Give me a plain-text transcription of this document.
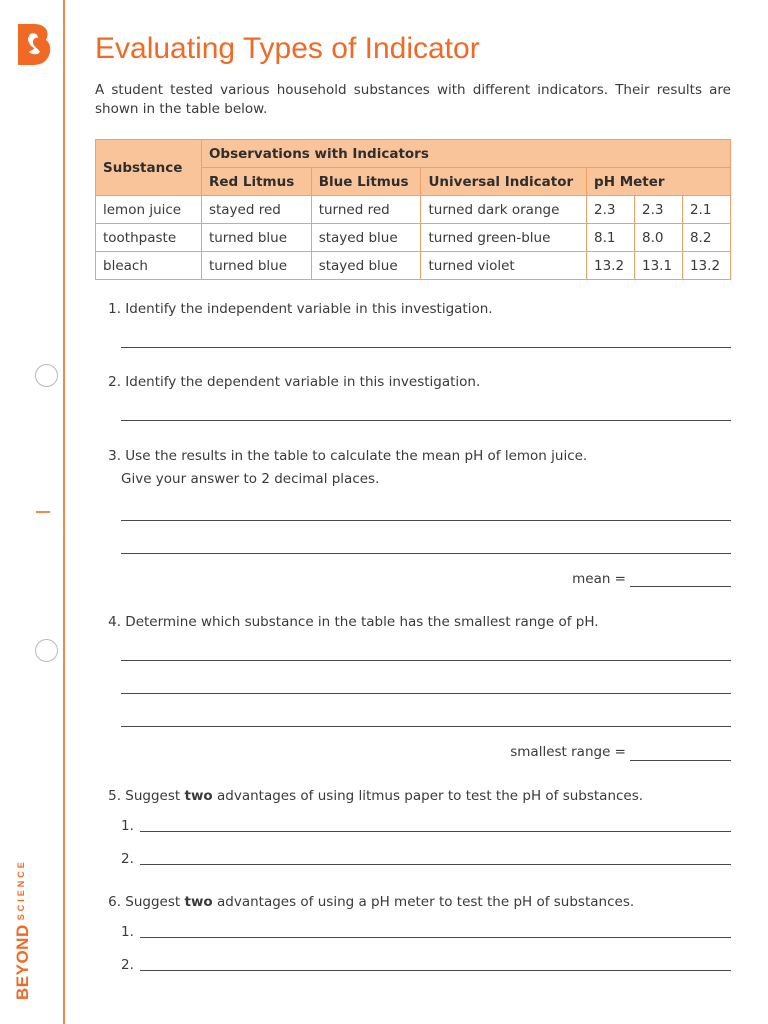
$BEYOND^{SCIENCE}$
Evaluating Types of Indicator
A student tested various household substances with different indicators. Their results are shown in the table below.
Substance	Observations with Indicators					
	Red Litmus	Blue Litmus	Universal Indicator	pH Meter		
lemon juice	stayed red	turned red	turned dark orange	2.3	2.3	2.1
toothpaste	turned blue	stayed blue	turned green-blue	8.1	8.0	8.2
bleach	turned blue	stayed blue	turned violet	13.2	13.1	13.2
1. Identify the independent variable in this investigation.
2. Identify the dependent variable in this investigation.
3. Use the results in the table to calculate the mean pH of lemon juice.
Give your answer to 2 decimal places.
mean =
4. Determine which substance in the table has the smallest range of pH.
smallest range =
5. Suggest two advantages of using litmus paper to test the pH of substances.
1.
2.
6. Suggest two advantages of using a pH meter to test the pH of substances.
1.
2.
